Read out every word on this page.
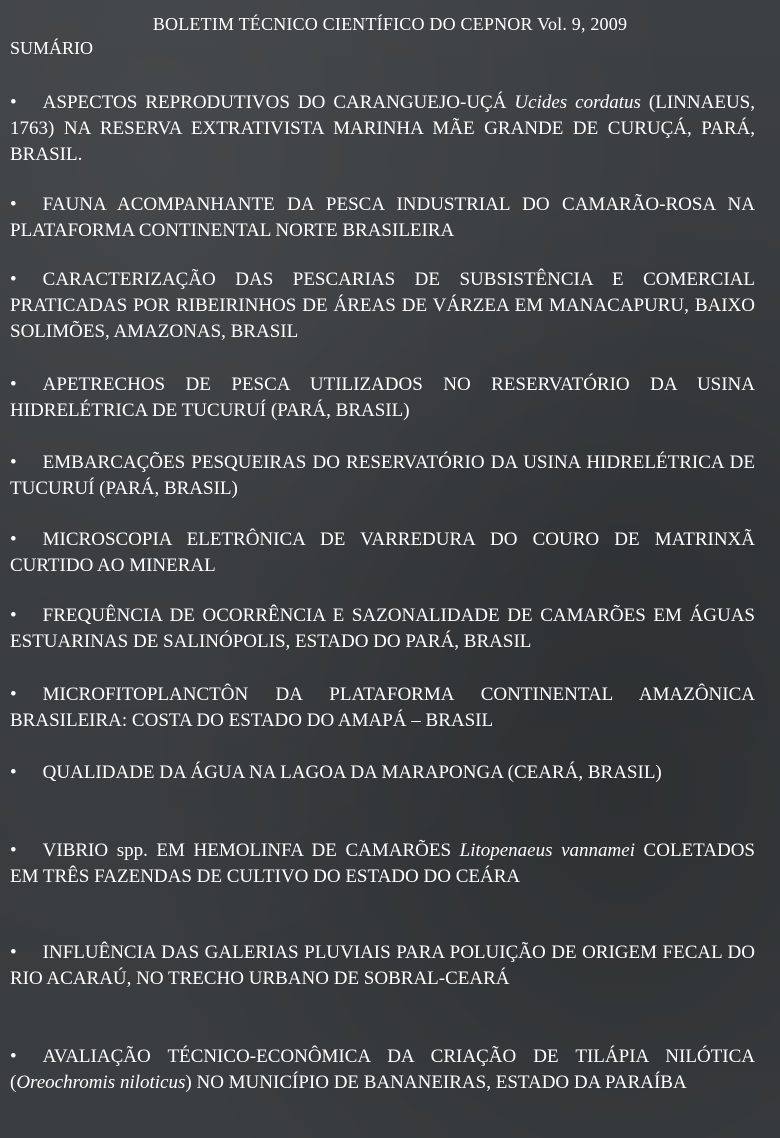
BOLETIM TÉCNICO CIENTÍFICO DO CEPNOR Vol. 9, 2009
SUMÁRIO
• ASPECTOS REPRODUTIVOS DO CARANGUEJO-UÇÁ Ucides cordatus (LINNAEUS, 1763) NA RESERVA EXTRATIVISTA MARINHA MÃE GRANDE DE CURUÇÁ, PARÁ, BRASIL.
• FAUNA ACOMPANHANTE DA PESCA INDUSTRIAL DO CAMARÃO-ROSA NA PLATAFORMA CONTINENTAL NORTE BRASILEIRA
• CARACTERIZAÇÃO DAS PESCARIAS DE SUBSISTÊNCIA E COMERCIAL PRATICADAS POR RIBEIRINHOS DE ÁREAS DE VÁRZEA EM MANACAPURU, BAIXO SOLIMÕES, AMAZONAS, BRASIL
• APETRECHOS DE PESCA UTILIZADOS NO RESERVATÓRIO DA USINA HIDRELÉTRICA DE TUCURUÍ (PARÁ, BRASIL)
• EMBARCAÇÕES PESQUEIRAS DO RESERVATÓRIO DA USINA HIDRELÉTRICA DE TUCURUÍ (PARÁ, BRASIL)
• MICROSCOPIA ELETRÔNICA DE VARREDURA DO COURO DE MATRINXÃ CURTIDO AO MINERAL
• FREQUÊNCIA DE OCORRÊNCIA E SAZONALIDADE DE CAMARÕES EM ÁGUAS ESTUARINAS DE SALINÓPOLIS, ESTADO DO PARÁ, BRASIL
• MICROFITOPLANCTÔN DA PLATAFORMA CONTINENTAL AMAZÔNICA BRASILEIRA: COSTA DO ESTADO DO AMAPÁ – BRASIL
• QUALIDADE DA ÁGUA NA LAGOA DA MARAPONGA (CEARÁ, BRASIL)
• VIBRIO spp. EM HEMOLINFA DE CAMARÕES Litopenaeus vannamei COLETADOS EM TRÊS FAZENDAS DE CULTIVO DO ESTADO DO CEÁRA
• INFLUÊNCIA DAS GALERIAS PLUVIAIS PARA POLUIÇÃO DE ORIGEM FECAL DO RIO ACARAÚ, NO TRECHO URBANO DE SOBRAL-CEARÁ
• AVALIAÇÃO TÉCNICO-ECONÔMICA DA CRIAÇÃO DE TILÁPIA NILÓTICA (Oreochromis niloticus) NO MUNICÍPIO DE BANANEIRAS, ESTADO DA PARAÍBA
